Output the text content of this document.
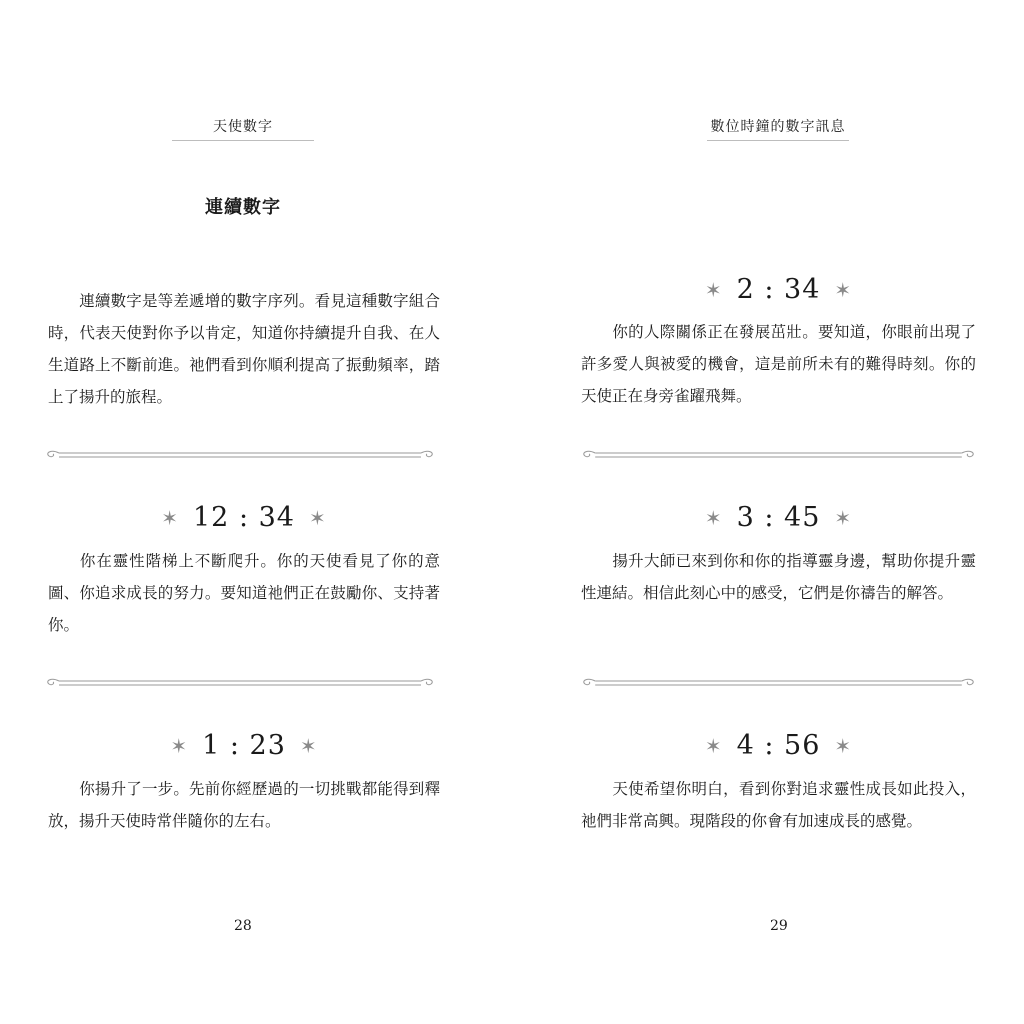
天使數字
連續數字
連續數字是等差遞增的數字序列。看見這種數字組合時，代表天使對你予以肯定，知道你持續提升自我、在人生道路上不斷前進。祂們看到你順利提高了振動頻率，踏上了揚升的旅程。
✶ 12 : 34 ✶
你在靈性階梯上不斷爬升。你的天使看見了你的意圖、你追求成長的努力。要知道祂們正在鼓勵你、支持著你。
✶ 1 : 23 ✶
你揚升了一步。先前你經歷過的一切挑戰都能得到釋放，揚升天使時常伴隨你的左右。
28
數位時鐘的數字訊息
✶ 2 : 34 ✶
你的人際關係正在發展茁壯。要知道，你眼前出現了許多愛人與被愛的機會，這是前所未有的難得時刻。你的天使正在身旁雀躍飛舞。
✶ 3 : 45 ✶
揚升大師已來到你和你的指導靈身邊，幫助你提升靈性連結。相信此刻心中的感受，它們是你禱告的解答。
✶ 4 : 56 ✶
天使希望你明白，看到你對追求靈性成長如此投入，祂們非常高興。現階段的你會有加速成長的感覺。
29
